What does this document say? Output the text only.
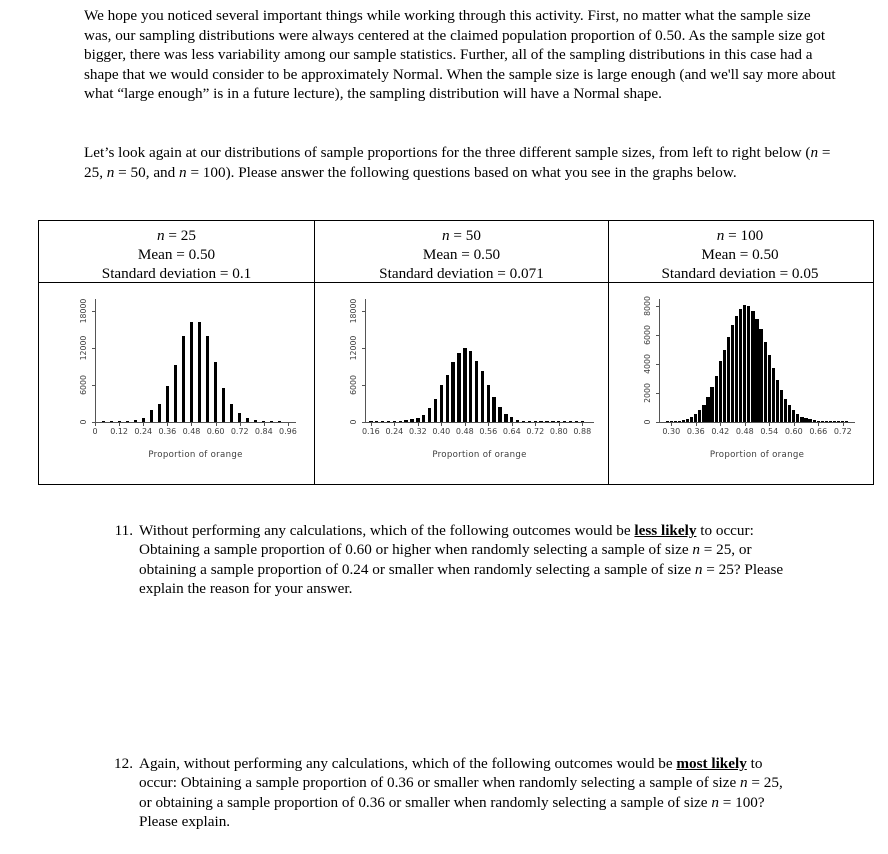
We hope you noticed several important things while working through this activity. First, no matter what the sample size was, our sampling distributions were always centered at the claimed population proportion of 0.50. As the sample size got bigger, there was less variability among our sample statistics. Further, all of the sampling distributions in this case had a shape that we would consider to be approximately Normal. When the sample size is large enough (and we'll say more about what “large enough” is in a future lecture), the sampling distribution will have a Normal shape.
Let’s look again at our distributions of sample proportions for the three different sample sizes, from left to right below (n = 25, n = 50, and n = 100). Please answer the following questions based on what you see in the graphs below.
n = 25
Mean = 0.50
Standard deviation = 0.1
n = 50
Mean = 0.50
Standard deviation = 0.071
n = 100
Mean = 0.50
Standard deviation = 0.05
0
6000
12000
18000
0 0.12 0.24 0.36 0.48 0.60 0.72 0.84 0.96
Proportion of orange
0
6000
12000
18000
0.16 0.24 0.32 0.40 0.48 0.56 0.64 0.72 0.80 0.88
Proportion of orange
0
2000
4000
6000
8000
0.30 0.36 0.42 0.48 0.54 0.60 0.66 0.72
Proportion of orange
11. Without performing any calculations, which of the following outcomes would be less likely to occur: Obtaining a sample proportion of 0.60 or higher when randomly selecting a sample of size n = 25, or obtaining a sample proportion of 0.24 or smaller when randomly selecting a sample of size n = 25? Please explain the reason for your answer.
12. Again, without performing any calculations, which of the following outcomes would be most likely to occur: Obtaining a sample proportion of 0.36 or smaller when randomly selecting a sample of size n = 25, or obtaining a sample proportion of 0.36 or smaller when randomly selecting a sample of size n = 100? Please explain.
